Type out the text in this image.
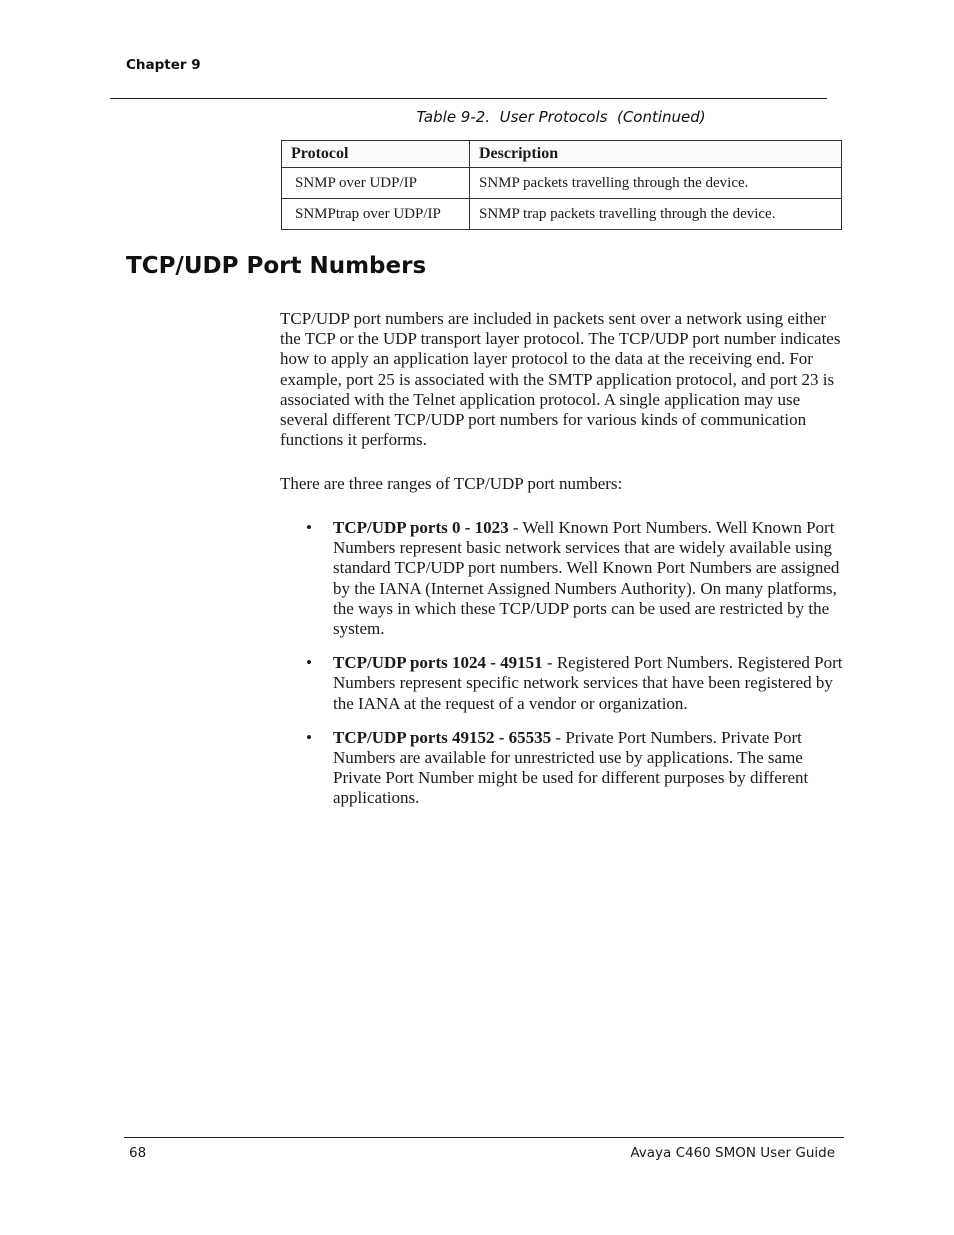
Chapter 9
Table 9-2.  User Protocols  (Continued)
Protocol	Description
SNMP over UDP/IP	SNMP packets travelling through the device.
SNMPtrap over UDP/IP	SNMP trap packets travelling through the device.
TCP/UDP Port Numbers
TCP/UDP port numbers are included in packets sent over a network using either the TCP or the UDP transport layer protocol. The TCP/UDP port number indicates how to apply an application layer protocol to the data at the receiving end. For example, port 25 is associated with the SMTP application protocol, and port 23 is associated with the Telnet application protocol. A single application may use several different TCP/UDP port numbers for various kinds of communication functions it performs.
There are three ranges of TCP/UDP port numbers:
• TCP/UDP ports 0 - 1023 - Well Known Port Numbers. Well Known Port Numbers represent basic network services that are widely available using standard TCP/UDP port numbers. Well Known Port Numbers are assigned by the IANA (Internet Assigned Numbers Authority). On many platforms, the ways in which these TCP/UDP ports can be used are restricted by the system.
• TCP/UDP ports 1024 - 49151 - Registered Port Numbers. Registered Port Numbers represent specific network services that have been registered by the IANA at the request of a vendor or organization.
• TCP/UDP ports 49152 - 65535 - Private Port Numbers. Private Port Numbers are available for unrestricted use by applications. The same Private Port Number might be used for different purposes by different applications.
68	Avaya C460 SMON User Guide
